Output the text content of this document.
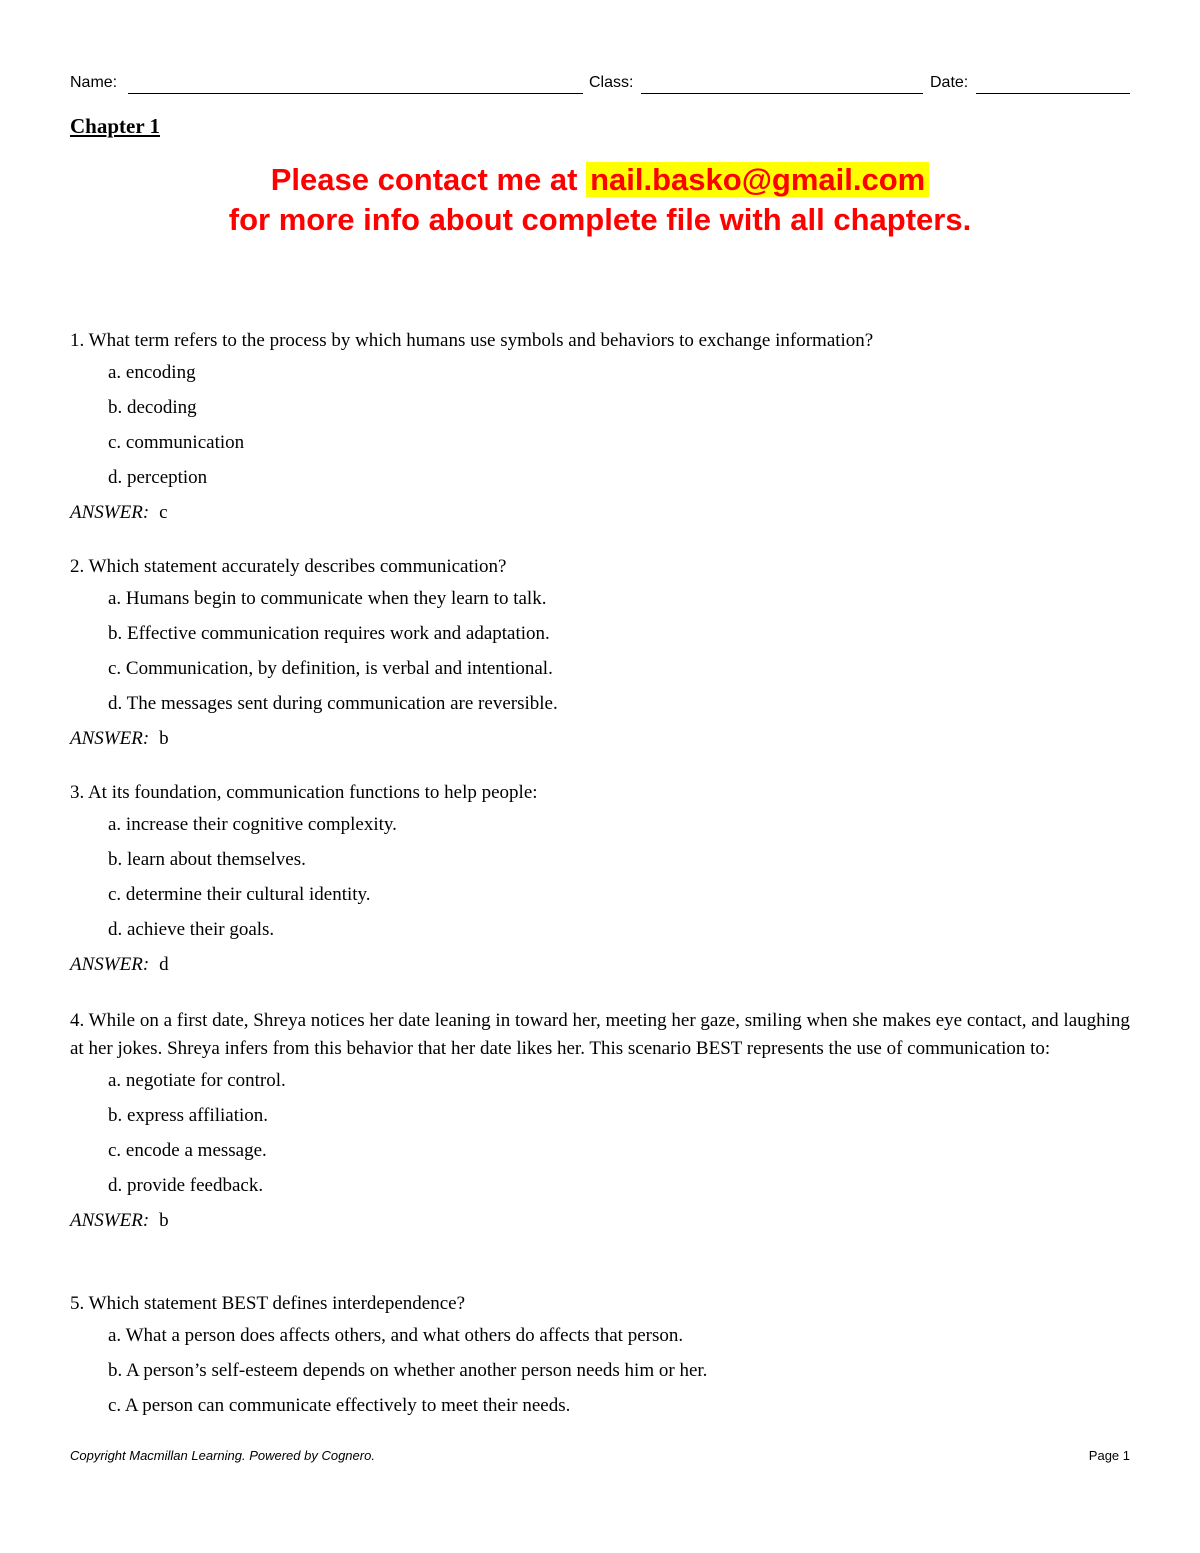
Name:	Class:	Date:
Chapter 1
Please contact me at nail.basko@gmail.com
for more info about complete file with all chapters.

1. What term refers to the process by which humans use symbols and behaviors to exchange information?

a. encoding

b. decoding

c. communication

d. perception

ANSWER: c

2. Which statement accurately describes communication?

a. Humans begin to communicate when they learn to talk.

b. Effective communication requires work and adaptation.

c. Communication, by definition, is verbal and intentional.

d. The messages sent during communication are reversible.

ANSWER: b

3. At its foundation, communication functions to help people:

a. increase their cognitive complexity.

b. learn about themselves.

c. determine their cultural identity.

d. achieve their goals.

ANSWER: d

4. While on a first date, Shreya notices her date leaning in toward her, meeting her gaze, smiling when she makes eye contact, and laughing at her jokes. Shreya infers from this behavior that her date likes her. This scenario BEST represents the use of communication to:

a. negotiate for control.

b. express affiliation.

c. encode a message.

d. provide feedback.

ANSWER: b

5. Which statement BEST defines interdependence?

a. What a person does affects others, and what others do affects that person.

b. A person’s self-esteem depends on whether another person needs him or her.

c. A person can communicate effectively to meet their needs.

Copyright Macmillan Learning. Powered by Cognero.	Page 1
